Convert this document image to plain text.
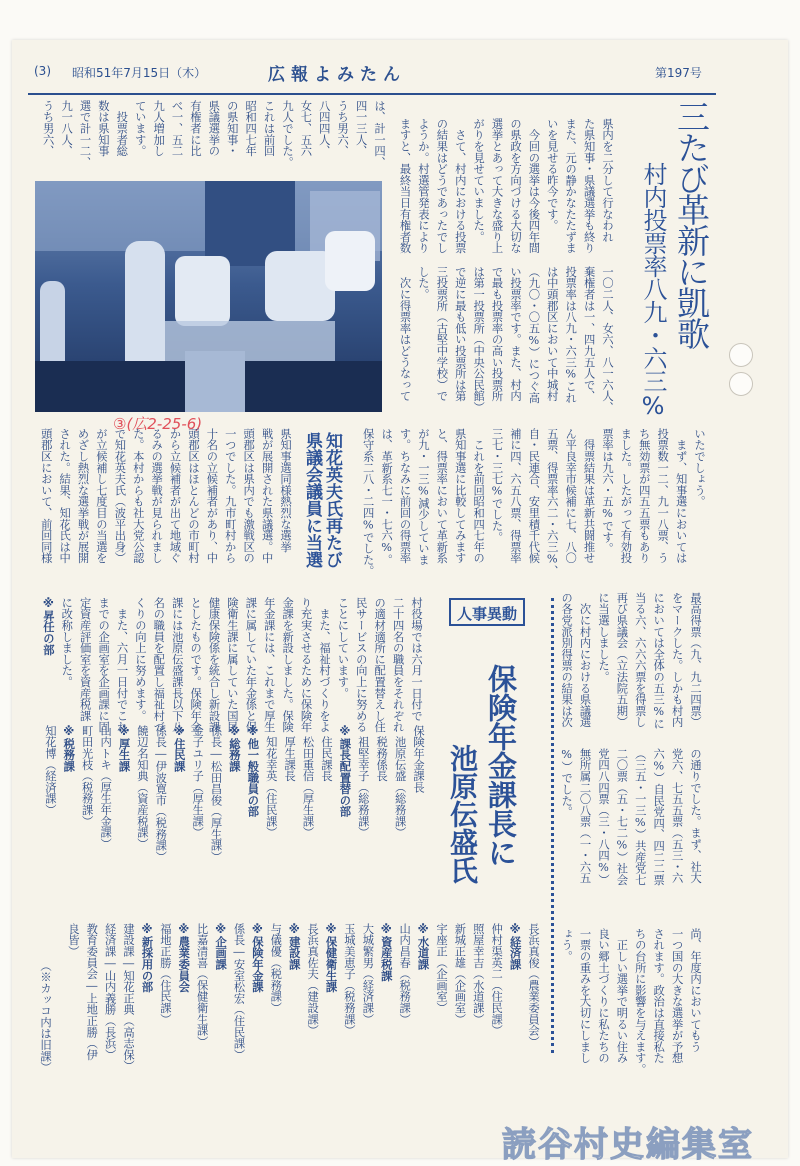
(3) 昭和51年7月15日（木）	広報よみたん	第197号
三たび革新に凱歌
村内投票率八九・六三%
県内を二分して行なわれ
た県知事・県議選挙も終り
また、元の静かなたたずま
いを見せる昨今です。
　今回の選挙は今後四年間
の県政を方向づける大切な
選挙とあって大きな盛り上
がりを見せていました。
　さて、村内における投票
の結果はどうであったでし
ようか。村選管発表により
ますと、最終当日有権者数
は、計一四、
四一三人、
うち男六、
八四四人、
女七、五六
九人でした。
これは前回
昭和四七年
の県知事・
県議選挙の
有権者に比
べ一、五二
九人増加し
ています。
　投票者総
数は県知事
選で計一二、
九一八人、
うち男六、
一〇二人、女六、八一六人、
棄権者は一、四九五人で、
投票率は八九・六三%これ
は中頭郡区において中城村
（九〇・〇五%）につぐ高
い投票率です。また、村内
で最も投票率の高い投票所
は第一投票所（中央公民館）
で逆に最も低い投票所は第
三投票所（古堅中学校）で
した。
　次に得票率はどうなって
いたでしょう。
　まず、知事選においては
投票数一二、九一八票、う
ち無効票が四五五票もあり
ました。したがって有効投
票率は九六・五%です。
　得票結果は革新共闘推せ
ん平良幸市候補に七、八〇
五票、得票率六二・六三%、
自・民連合、安里積千代候
補に四、六五八票、得票率
三七・三七%でした。
　これを前回昭和四七年の
県知事選に比較してみます
と、得票率において革新系
が九・一三%減少していま
す。ちなみに前回の得票率
は、革新系七一・七六%。
保守系二八・二四%でした。
③(広2-25-6)
知花英夫氏再たび
県議会議員に当選
県知事選同様熱烈な選挙
戦が展開された県議選。中
頭郡区は県内でも激戦区の
一つでした。九市町村から
十名の立候補者があり、中
頭郡区はほとんどの市町村
から立候補者が出て地域ぐ
るみの選挙戦が見られまし
た。本村からも社大党公認
で知花英夫氏（波平出身）
が立候補し七度目の当選を
めざし熱烈な選挙戦が展開
された。結果、知花氏は中
頭郡区において、前回同様
最高得票（九、九二四票）
をマークした。しかも村内
においては全体の五三%に
当る六、六六六票を得票し
再び県議会（立法院五期）
に当選しました。
　次に村内における県議選
の各党派別得票の結果は次
の通りでした。まず、社大
党六、七五五票（五三・六
六%）自民党四、四二二票
（三五・一三%）共産党七
二〇票（五・七二%）社会
党四八四票（三・八四%）
無所属二〇八票（一・六五
%）でした。
尚、年度内においてもう
一つ国の大きな選挙が予想
されます。政治は直接私た
ちの台所に影響を与えます。
　正しい選挙で明るい住み
良い郷土づくりに私たちの
一票の重みを大切にしまし
ょう。
人事異動
保険年金課長に
池原伝盛氏
村役場では六月一日付で
二十四名の職員をそれぞれ
の適材適所に配置替えし住
民サービスの向上に努める
ことにしています。
　また、福祉村づくりをよ
り充実させるために保険年
金課を新設しました。保険
年金課には、これまで厚生
課に属していた年金係と保
険衛生課に属していた国民
健康保険係を統合し新設課
としたものです。保険年金
課には池原伝盛課長以下八
名の職員を配置し福祉村づ
くりの向上に努めます。
　また、六月一日付でこれ
までの企画室を企画課に固
定資産評価室を資産税課
に改称しました。
※昇任の部
保険年金課長
　池原伝盛（総務課）
　税務係長
　祖堅幸子（総務課）
※課長配置替の部
　住民課長
　松田重信（厚生課）
　厚生課長
　知花幸英（住民課）
※他一般職員の部
※総務課
係長―松田昌俊（厚生課）
金子ユリ子（厚生課）
※住民課
係長―伊波寛市（税務課）
饒辺名知典（資産税課）
※厚生課
山内トキ（厚生年金課）
町田光枝（税務課）
※税務課
知花博（経済課）
長浜真俊（農業委員会）
※経済課
仲村渠英二（住民課）
照屋幸吉（水道課）
新城正雄（企画室）
宇座正（企画室）
※水道課
山内昌春（税務課）
※資産税課
大城繁男（経済課）
玉城美恵子（税務課）
※保健衛生課
長浜真佐夫（建設課）
※建設課
与儀優（税務課）
※保険年金課
係長―安室松宏（住民課）
※企画課
比嘉清喜（保健衛生課）
※農業委員会
福地正勝（住民課）
※新採用の部
建設課―知花正典（高志保）
経済課―山内義勝（長浜）
教育委員会―上地正勝（伊
良皆）
（※カッコ内は旧課）
読谷村史編集室
